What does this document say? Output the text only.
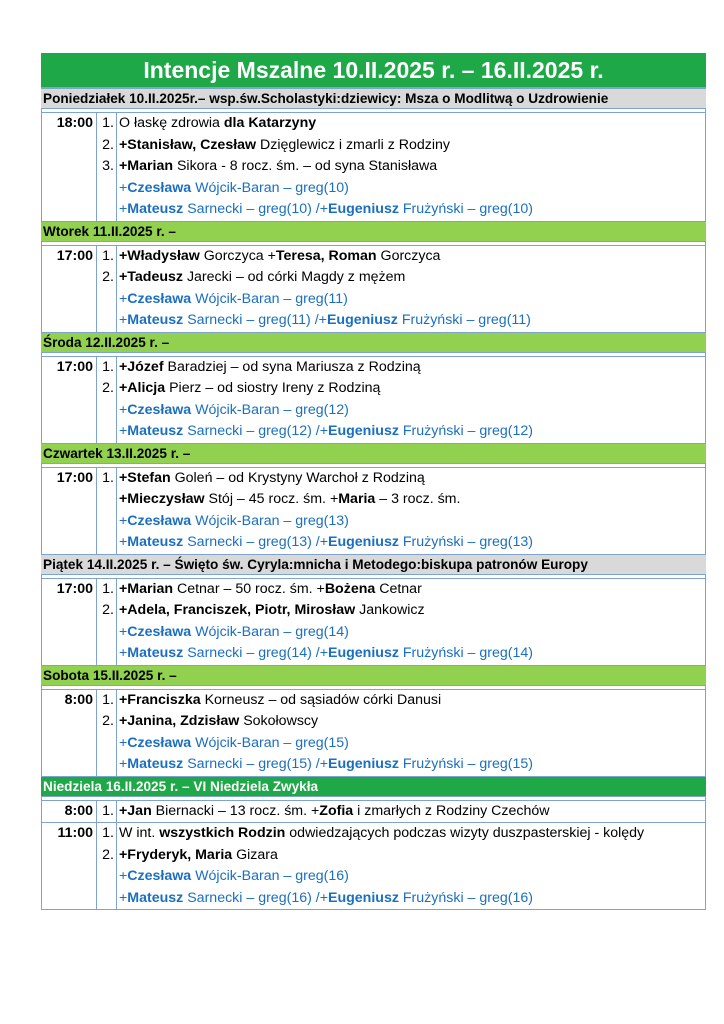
Intencje Mszalne 10.II.2025 r. – 16.II.2025 r.
Poniedziałek 10.II.2025r.– wsp.św.Scholastyki:dziewicy: Msza o Modlitwą o Uzdrowienie
18:00 1. O łaskę zdrowia dla Katarzyny
2. +Stanisław, Czesław Dzięglewicz i zmarli z Rodziny
3. +Marian Sikora - 8 rocz. śm. – od syna Stanisława
+Czesława Wójcik-Baran – greg(10)
+Mateusz Sarnecki – greg(10) /+Eugeniusz Frużyński – greg(10)
Wtorek 11.II.2025 r. –
17:00 1. +Władysław Gorczyca +Teresa, Roman Gorczyca
2. +Tadeusz Jarecki – od córki Magdy z mężem
+Czesława Wójcik-Baran – greg(11)
+Mateusz Sarnecki – greg(11) /+Eugeniusz Frużyński – greg(11)
Środa 12.II.2025 r. –
17:00 1. +Józef Baradziej – od syna Mariusza z Rodziną
2. +Alicja Pierz – od siostry Ireny z Rodziną
+Czesława Wójcik-Baran – greg(12)
+Mateusz Sarnecki – greg(12) /+Eugeniusz Frużyński – greg(12)
Czwartek 13.II.2025 r. –
17:00 1. +Stefan Goleń – od Krystyny Warchoł z Rodziną
+Mieczysław Stój – 45 rocz. śm. +Maria – 3 rocz. śm.
+Czesława Wójcik-Baran – greg(13)
+Mateusz Sarnecki – greg(13) /+Eugeniusz Frużyński – greg(13)
Piątek 14.II.2025 r. – Święto św. Cyryla:mnicha i Metodego:biskupa patronów Europy
17:00 1. +Marian Cetnar – 50 rocz. śm. +Bożena Cetnar
2. +Adela, Franciszek, Piotr, Mirosław Jankowicz
+Czesława Wójcik-Baran – greg(14)
+Mateusz Sarnecki – greg(14) /+Eugeniusz Frużyński – greg(14)
Sobota 15.II.2025 r. –
8:00 1. +Franciszka Korneusz – od sąsiadów córki Danusi
2. +Janina, Zdzisław Sokołowscy
+Czesława Wójcik-Baran – greg(15)
+Mateusz Sarnecki – greg(15) /+Eugeniusz Frużyński – greg(15)
Niedziela 16.II.2025 r. – VI Niedziela Zwykła
8:00 1. +Jan Biernacki – 13 rocz. śm. +Zofia i zmarłych z Rodziny Czechów
11:00 1. W int. wszystkich Rodzin odwiedzających podczas wizyty duszpasterskiej - kolędy
2. +Fryderyk, Maria Gizara
+Czesława Wójcik-Baran – greg(16)
+Mateusz Sarnecki – greg(16) /+Eugeniusz Frużyński – greg(16)
